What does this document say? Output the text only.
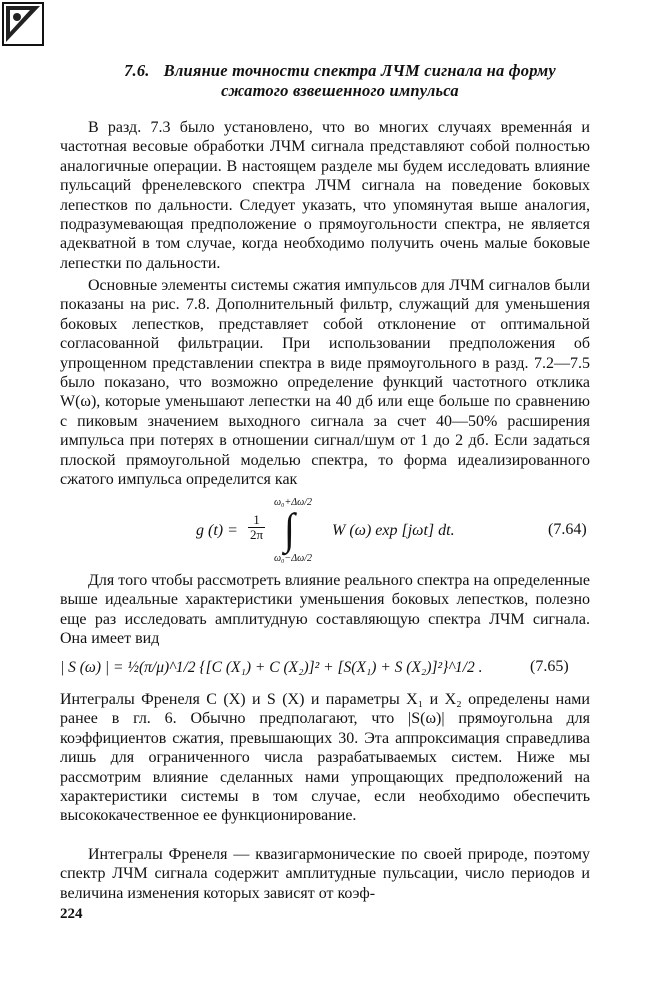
7.6. Влияние точности спектра ЛЧМ сигнала на форму
сжатого взвешенного импульса
В разд. 7.3 было установлено, что во многих случаях временнáя и частотная весовые обработки ЛЧМ сигнала представляют собой полностью аналогичные операции. В настоящем разделе мы будем исследовать влияние пульсаций френелевского спектра ЛЧМ сигнала на поведение боковых лепестков по дальности. Следует указать, что упомянутая выше аналогия, подразумевающая предположение о прямоугольности спектра, не является адекватной в том случае, когда необходимо получить очень малые боковые лепестки по дальности.
Основные элементы системы сжатия импульсов для ЛЧМ сигналов были показаны на рис. 7.8. Дополнительный фильтр, служащий для уменьшения боковых лепестков, представляет собой отклонение от оптимальной согласованной фильтрации. При использовании предположения об упрощенном представлении спектра в виде прямоугольного в разд. 7.2—7.5 было показано, что возможно определение функций частотного отклика W(ω), которые уменьшают лепестки на 40 дб или еще больше по сравнению с пиковым значением выходного сигнала за счет 40—50% расширения импульса при потерях в отношении сигнал/шум от 1 до 2 дб. Если задаться плоской прямоугольной моделью спектра, то форма идеализированного сжатого импульса определится как
g $(t) = \frac{1}{2\pi}$ ∫
ω₀+Δω/2
ω₀−Δω/2
W (ω) exp [jωt] dt.	(7.64)
Для того чтобы рассмотреть влияние реального спектра на определенные выше идеальные характеристики уменьшения боковых лепестков, полезно еще раз исследовать амплитудную составляющую спектра ЛЧМ сигнала. Она имеет вид
| S (ω) | = ½(π/μ)^1/2 {[C (X₁) + C (X₂)]² + [S(X₁) + S (X₂)]²}^1/2 .	(7.65)
Интегралы Френеля C (X) и S (X) и параметры X₁ и X₂ определены нами ранее в гл. 6. Обычно предполагают, что |S(ω)| прямоугольна для коэффициентов сжатия, превышающих 30. Эта аппроксимация справедлива лишь для ограниченного числа разрабатываемых систем. Ниже мы рассмотрим влияние сделанных нами упрощающих предположений на характеристики системы в том случае, если необходимо обеспечить высококачественное ее функционирование.
Интегралы Френеля — квазигармонические по своей природе, поэтому спектр ЛЧМ сигнала содержит амплитудные пульсации, число периодов и величина изменения которых зависят от коэф-
224
